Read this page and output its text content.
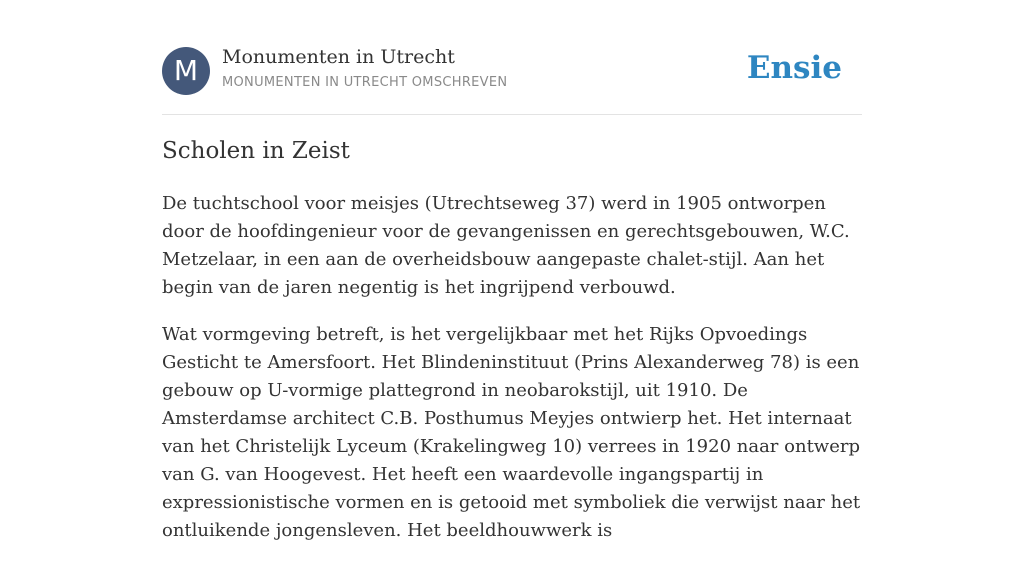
M	Monumenten in Utrecht
MONUMENTEN IN UTRECHT OMSCHREVEN	Ensie
Scholen in Zeist

De tuchtschool voor meisjes (Utrechtseweg 37) werd in 1905 ontworpen door de hoofdingenieur voor de gevangenissen en gerechtsgebouwen, W.C. Metzelaar, in een aan de overheidsbouw aangepaste chalet-stijl. Aan het begin van de jaren negentig is het ingrijpend verbouwd.

Wat vormgeving betreft, is het vergelijkbaar met het Rijks Opvoedings Gesticht te Amersfoort. Het Blindeninstituut (Prins Alexanderweg 78) is een gebouw op U-vormige plattegrond in neobarokstijl, uit 1910. De Amsterdamse architect C.B. Posthumus Meyjes ontwierp het. Het internaat van het Christelijk Lyceum (Krakelingweg 10) verrees in 1920 naar ontwerp van G. van Hoogevest. Het heeft een waardevolle ingangspartij in expressionistische vormen en is getooid met symboliek die verwijst naar het ontluikende jongensleven. Het beeldhouwwerk is
